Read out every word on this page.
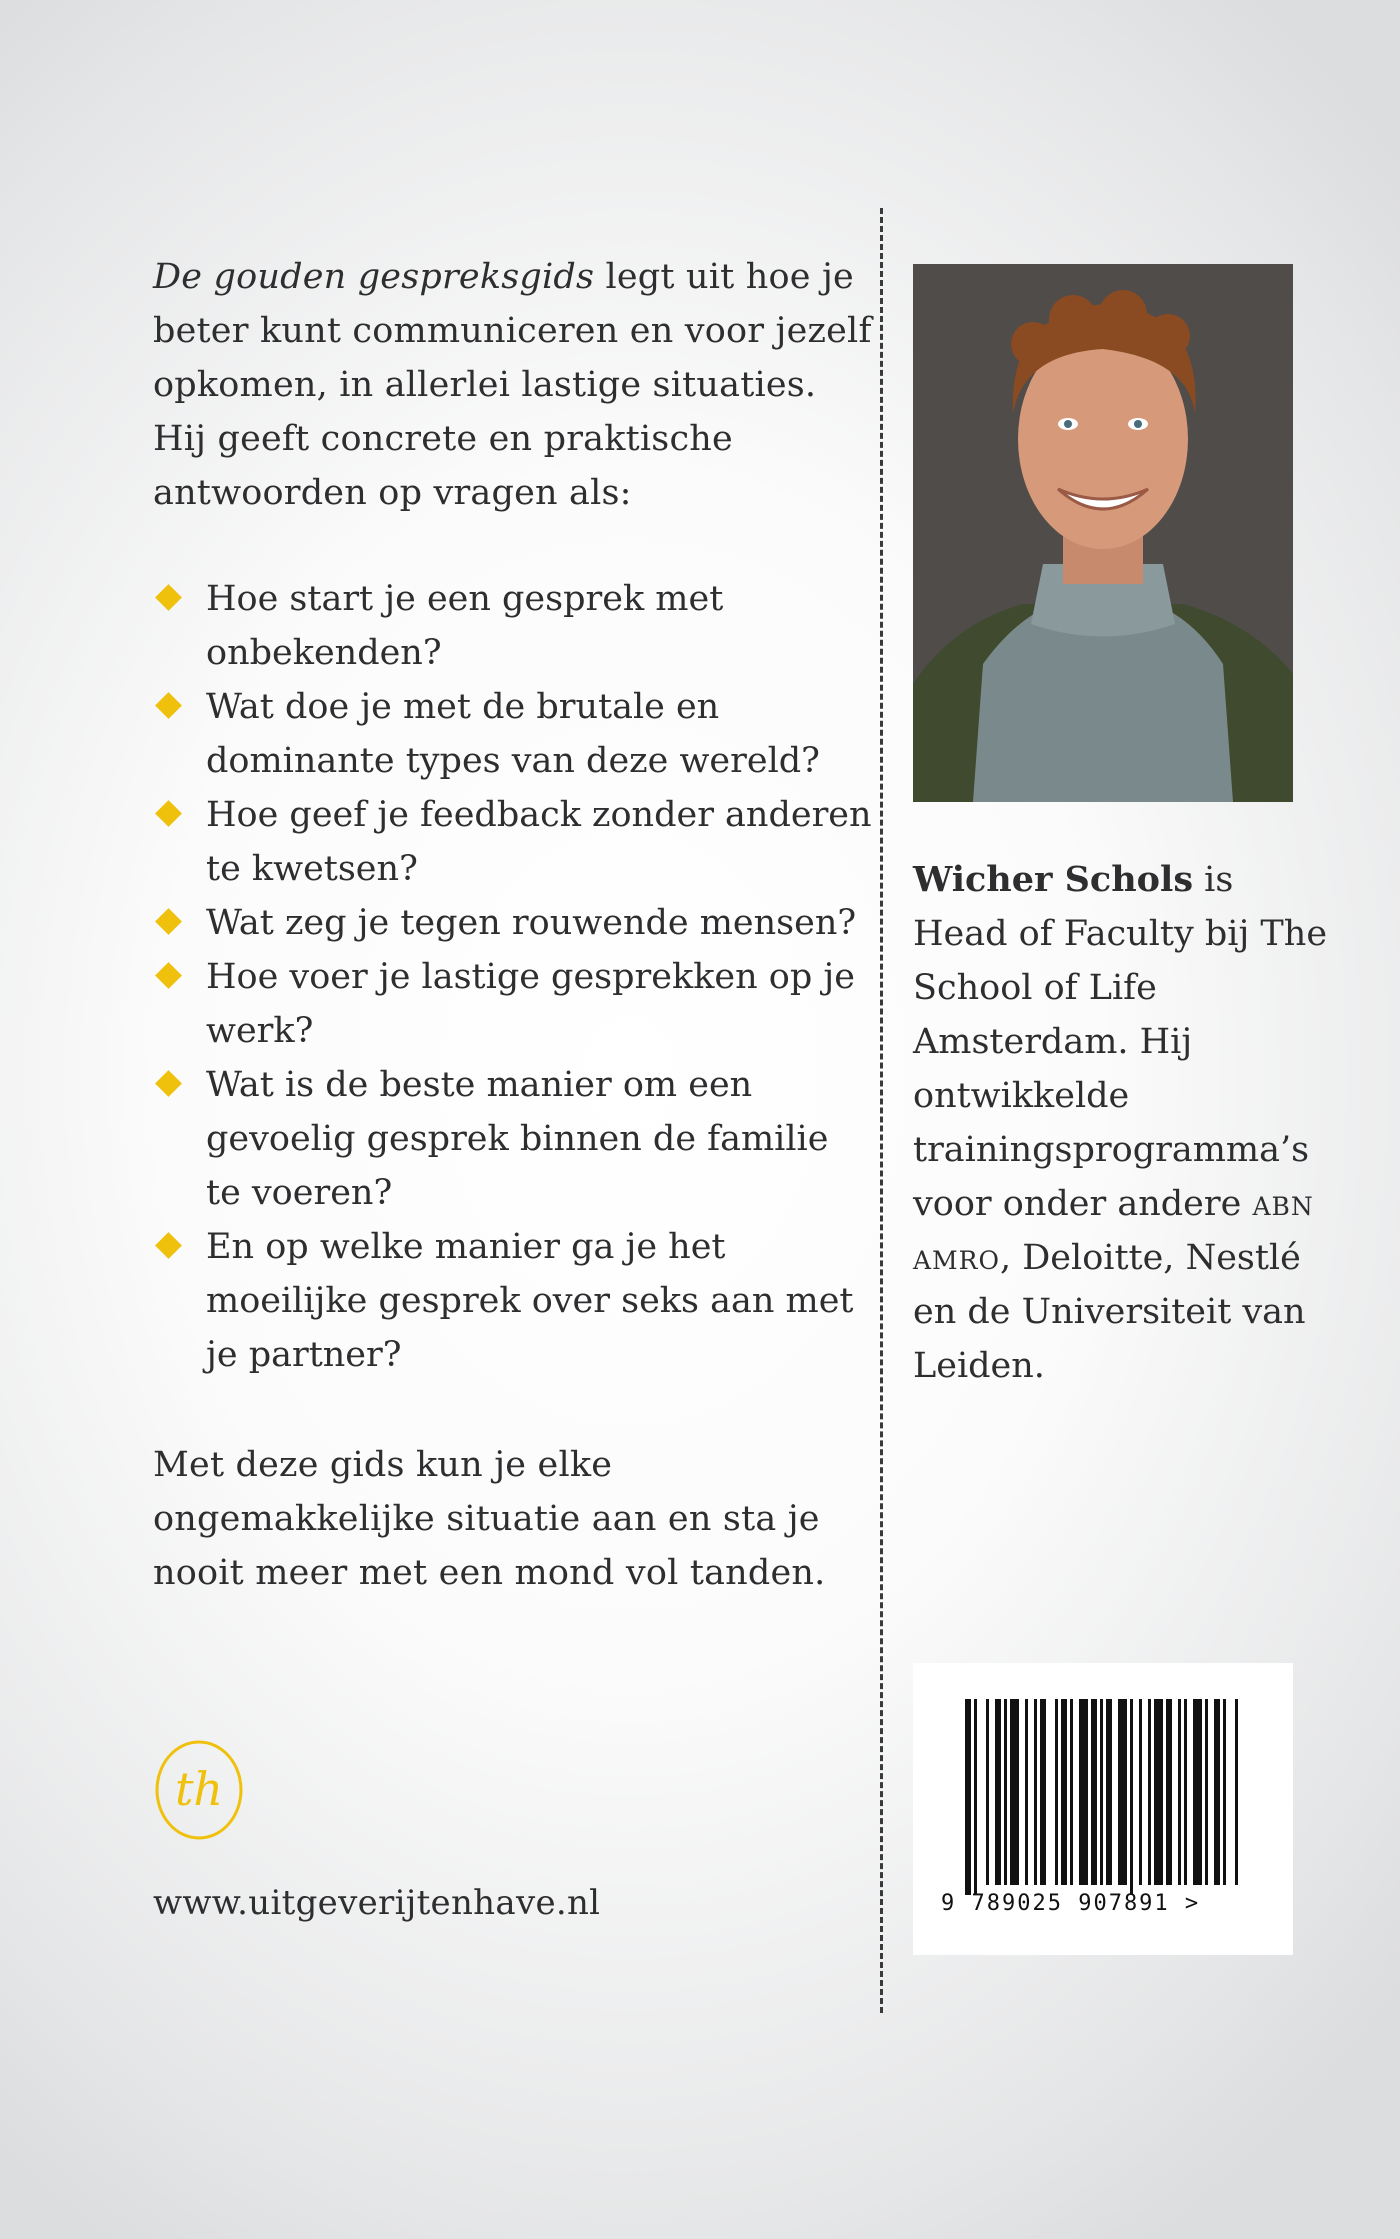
De gouden gespreksgids legt uit hoe je beter kunt communiceren en voor jezelf opkomen, in allerlei lastige situaties. Hij geeft concrete en praktische antwoorden op vragen als:

Hoe start je een gesprek met onbekenden?
Wat doe je met de brutale en dominante types van deze wereld?
Hoe geef je feedback zonder anderen te kwetsen?
Wat zeg je tegen rouwende mensen?
Hoe voer je lastige gesprekken op je werk?
Wat is de beste manier om een gevoelig gesprek binnen de familie te voeren?
En op welke manier ga je het moeilijke gesprek over seks aan met je partner?

Met deze gids kun je elke ongemakkelijke situatie aan en sta je nooit meer met een mond vol tanden.

th
www.uitgeverijtenhave.nl

Wicher Schols is Head of Faculty bij The School of Life Amsterdam. Hij ontwikkelde trainingsprogramma’s voor onder andere abn amro, Deloitte, Nestlé en de Universiteit van Leiden.

9 789025 907891 >
